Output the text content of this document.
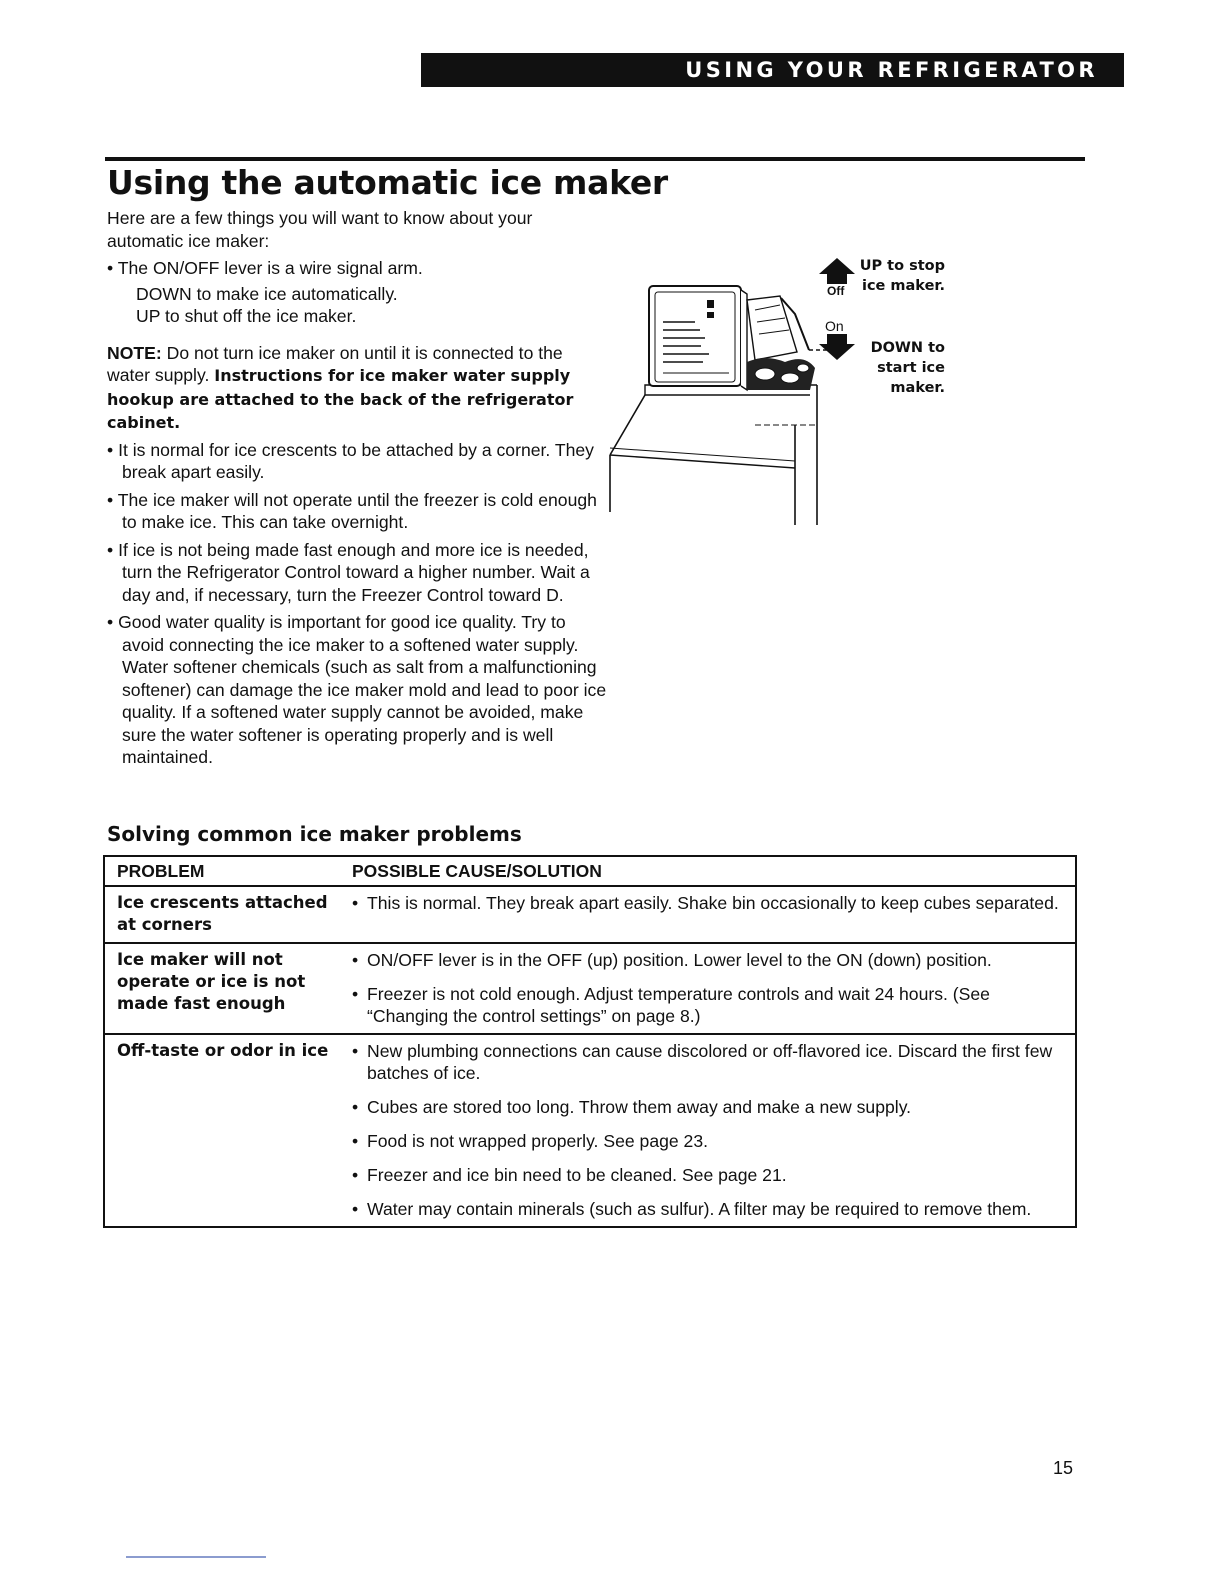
USING YOUR REFRIGERATOR
Using the automatic ice maker

Here are a few things you will want to know about your automatic ice maker:

• The ON/OFF lever is a wire signal arm.

DOWN to make ice automatically.

UP to shut off the ice maker.

NOTE: Do not turn ice maker on until it is connected to the water supply. Instructions for ice maker water supply hookup are attached to the back of the refrigerator cabinet.

• It is normal for ice crescents to be attached by a corner. They break apart easily.

• The ice maker will not operate until the freezer is cold enough to make ice. This can take overnight.

• If ice is not being made fast enough and more ice is needed, turn the Refrigerator Control toward a higher number. Wait a day and, if necessary, turn the Freezer Control toward D.

• Good water quality is important for good ice quality. Try to avoid connecting the ice maker to a softened water supply. Water softener chemicals (such as salt from a malfunctioning softener) can damage the ice maker mold and lead to poor ice quality. If a softened water supply cannot be avoided, make sure the water softener is operating properly and is well maintained.

Off
On
UP to stop ice maker.
DOWN to start ice maker.
Solving common ice maker problems
PROBLEM	POSSIBLE CAUSE/SOLUTION
Ice crescents attached at corners	• This is normal. They break apart easily. Shake bin occasionally to keep cubes separated.

Ice maker will not operate or ice is not made fast enough	• ON/OFF lever is in the OFF (up) position. Lower level to the ON (down) position.
• Freezer is not cold enough. Adjust temperature controls and wait 24 hours. (See “Changing the control settings” on page 8.)

Off-taste or odor in ice	• New plumbing connections can cause discolored or off-flavored ice. Discard the first few batches of ice.
• Cubes are stored too long. Throw them away and make a new supply.
• Food is not wrapped properly. See page 23.
• Freezer and ice bin need to be cleaned. See page 21.
• Water may contain minerals (such as sulfur). A filter may be required to remove them.
15
